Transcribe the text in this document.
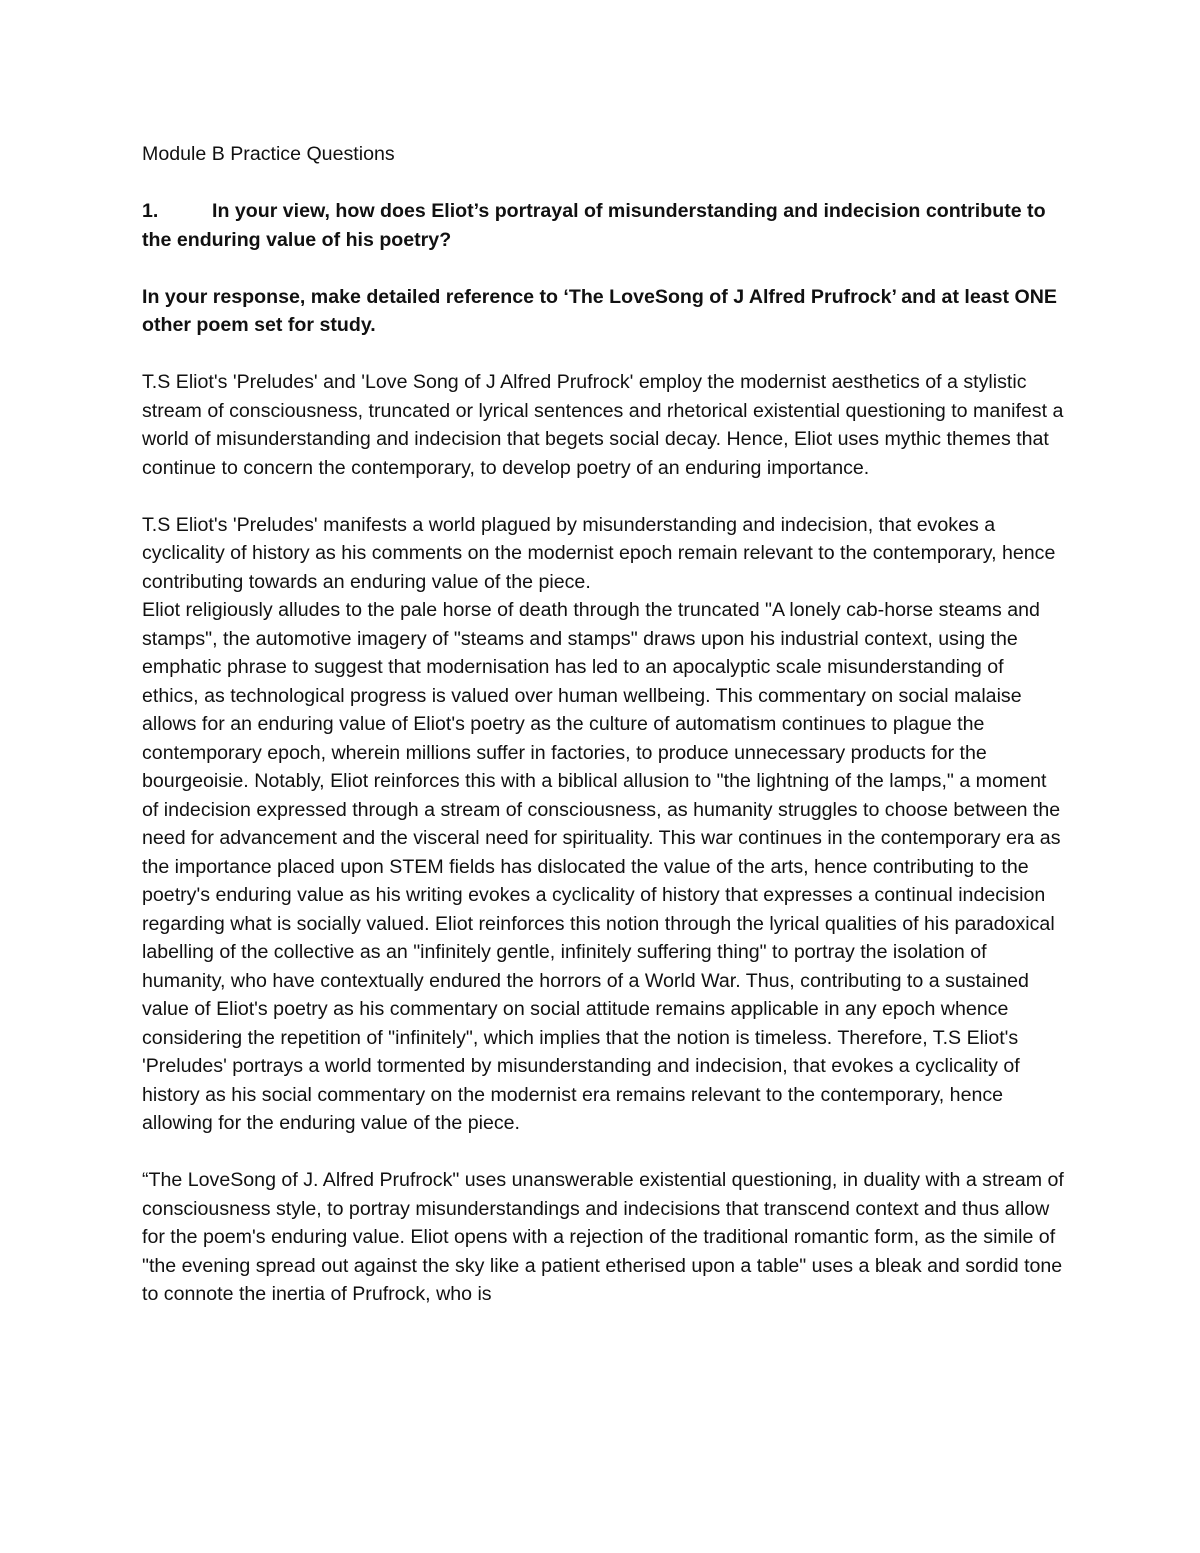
Module B Practice Questions

1.	In your view, how does Eliot’s portrayal of misunderstanding and indecision contribute to the enduring value of his poetry?

In your response, make detailed reference to ‘The LoveSong of J Alfred Prufrock’ and at least ONE other poem set for study.

T.S Eliot's 'Preludes' and 'Love Song of J Alfred Prufrock' employ the modernist aesthetics of a stylistic stream of consciousness, truncated or lyrical sentences and rhetorical existential questioning to manifest a world of misunderstanding and indecision that begets social decay. Hence, Eliot uses mythic themes that continue to concern the contemporary, to develop poetry of an enduring importance.

T.S Eliot's 'Preludes' manifests a world plagued by misunderstanding and indecision, that evokes a cyclicality of history as his comments on the modernist epoch remain relevant to the contemporary, hence contributing towards an enduring value of the piece.

Eliot religiously alludes to the pale horse of death through the truncated "A lonely cab-horse steams and stamps", the automotive imagery of "steams and stamps" draws upon his industrial context, using the emphatic phrase to suggest that modernisation has led to an apocalyptic scale misunderstanding of ethics, as technological progress is valued over human wellbeing. This commentary on social malaise allows for an enduring value of Eliot's poetry as the culture of automatism continues to plague the contemporary epoch, wherein millions suffer in factories, to produce unnecessary products for the bourgeoisie. Notably, Eliot reinforces this with a biblical allusion to "the lightning of the lamps," a moment of indecision expressed through a stream of consciousness, as humanity struggles to choose between the need for advancement and the visceral need for spirituality. This war continues in the contemporary era as the importance placed upon STEM fields has dislocated the value of the arts, hence contributing to the poetry's enduring value as his writing evokes a cyclicality of history that expresses a continual indecision regarding what is socially valued. Eliot reinforces this notion through the lyrical qualities of his paradoxical labelling of the collective as an "infinitely gentle, infinitely suffering thing" to portray the isolation of humanity, who have contextually endured the horrors of a World War. Thus, contributing to a sustained value of Eliot's poetry as his commentary on social attitude remains applicable in any epoch whence considering the repetition of "infinitely", which implies that the notion is timeless. Therefore, T.S Eliot's 'Preludes' portrays a world tormented by misunderstanding and indecision, that evokes a cyclicality of history as his social commentary on the modernist era remains relevant to the contemporary, hence allowing for the enduring value of the piece.

“The LoveSong of J. Alfred Prufrock" uses unanswerable existential questioning, in duality with a stream of consciousness style, to portray misunderstandings and indecisions that transcend context and thus allow for the poem's enduring value. Eliot opens with a rejection of the traditional romantic form, as the simile of "the evening spread out against the sky like a patient etherised upon a table" uses a bleak and sordid tone to connote the inertia of Prufrock, who is
